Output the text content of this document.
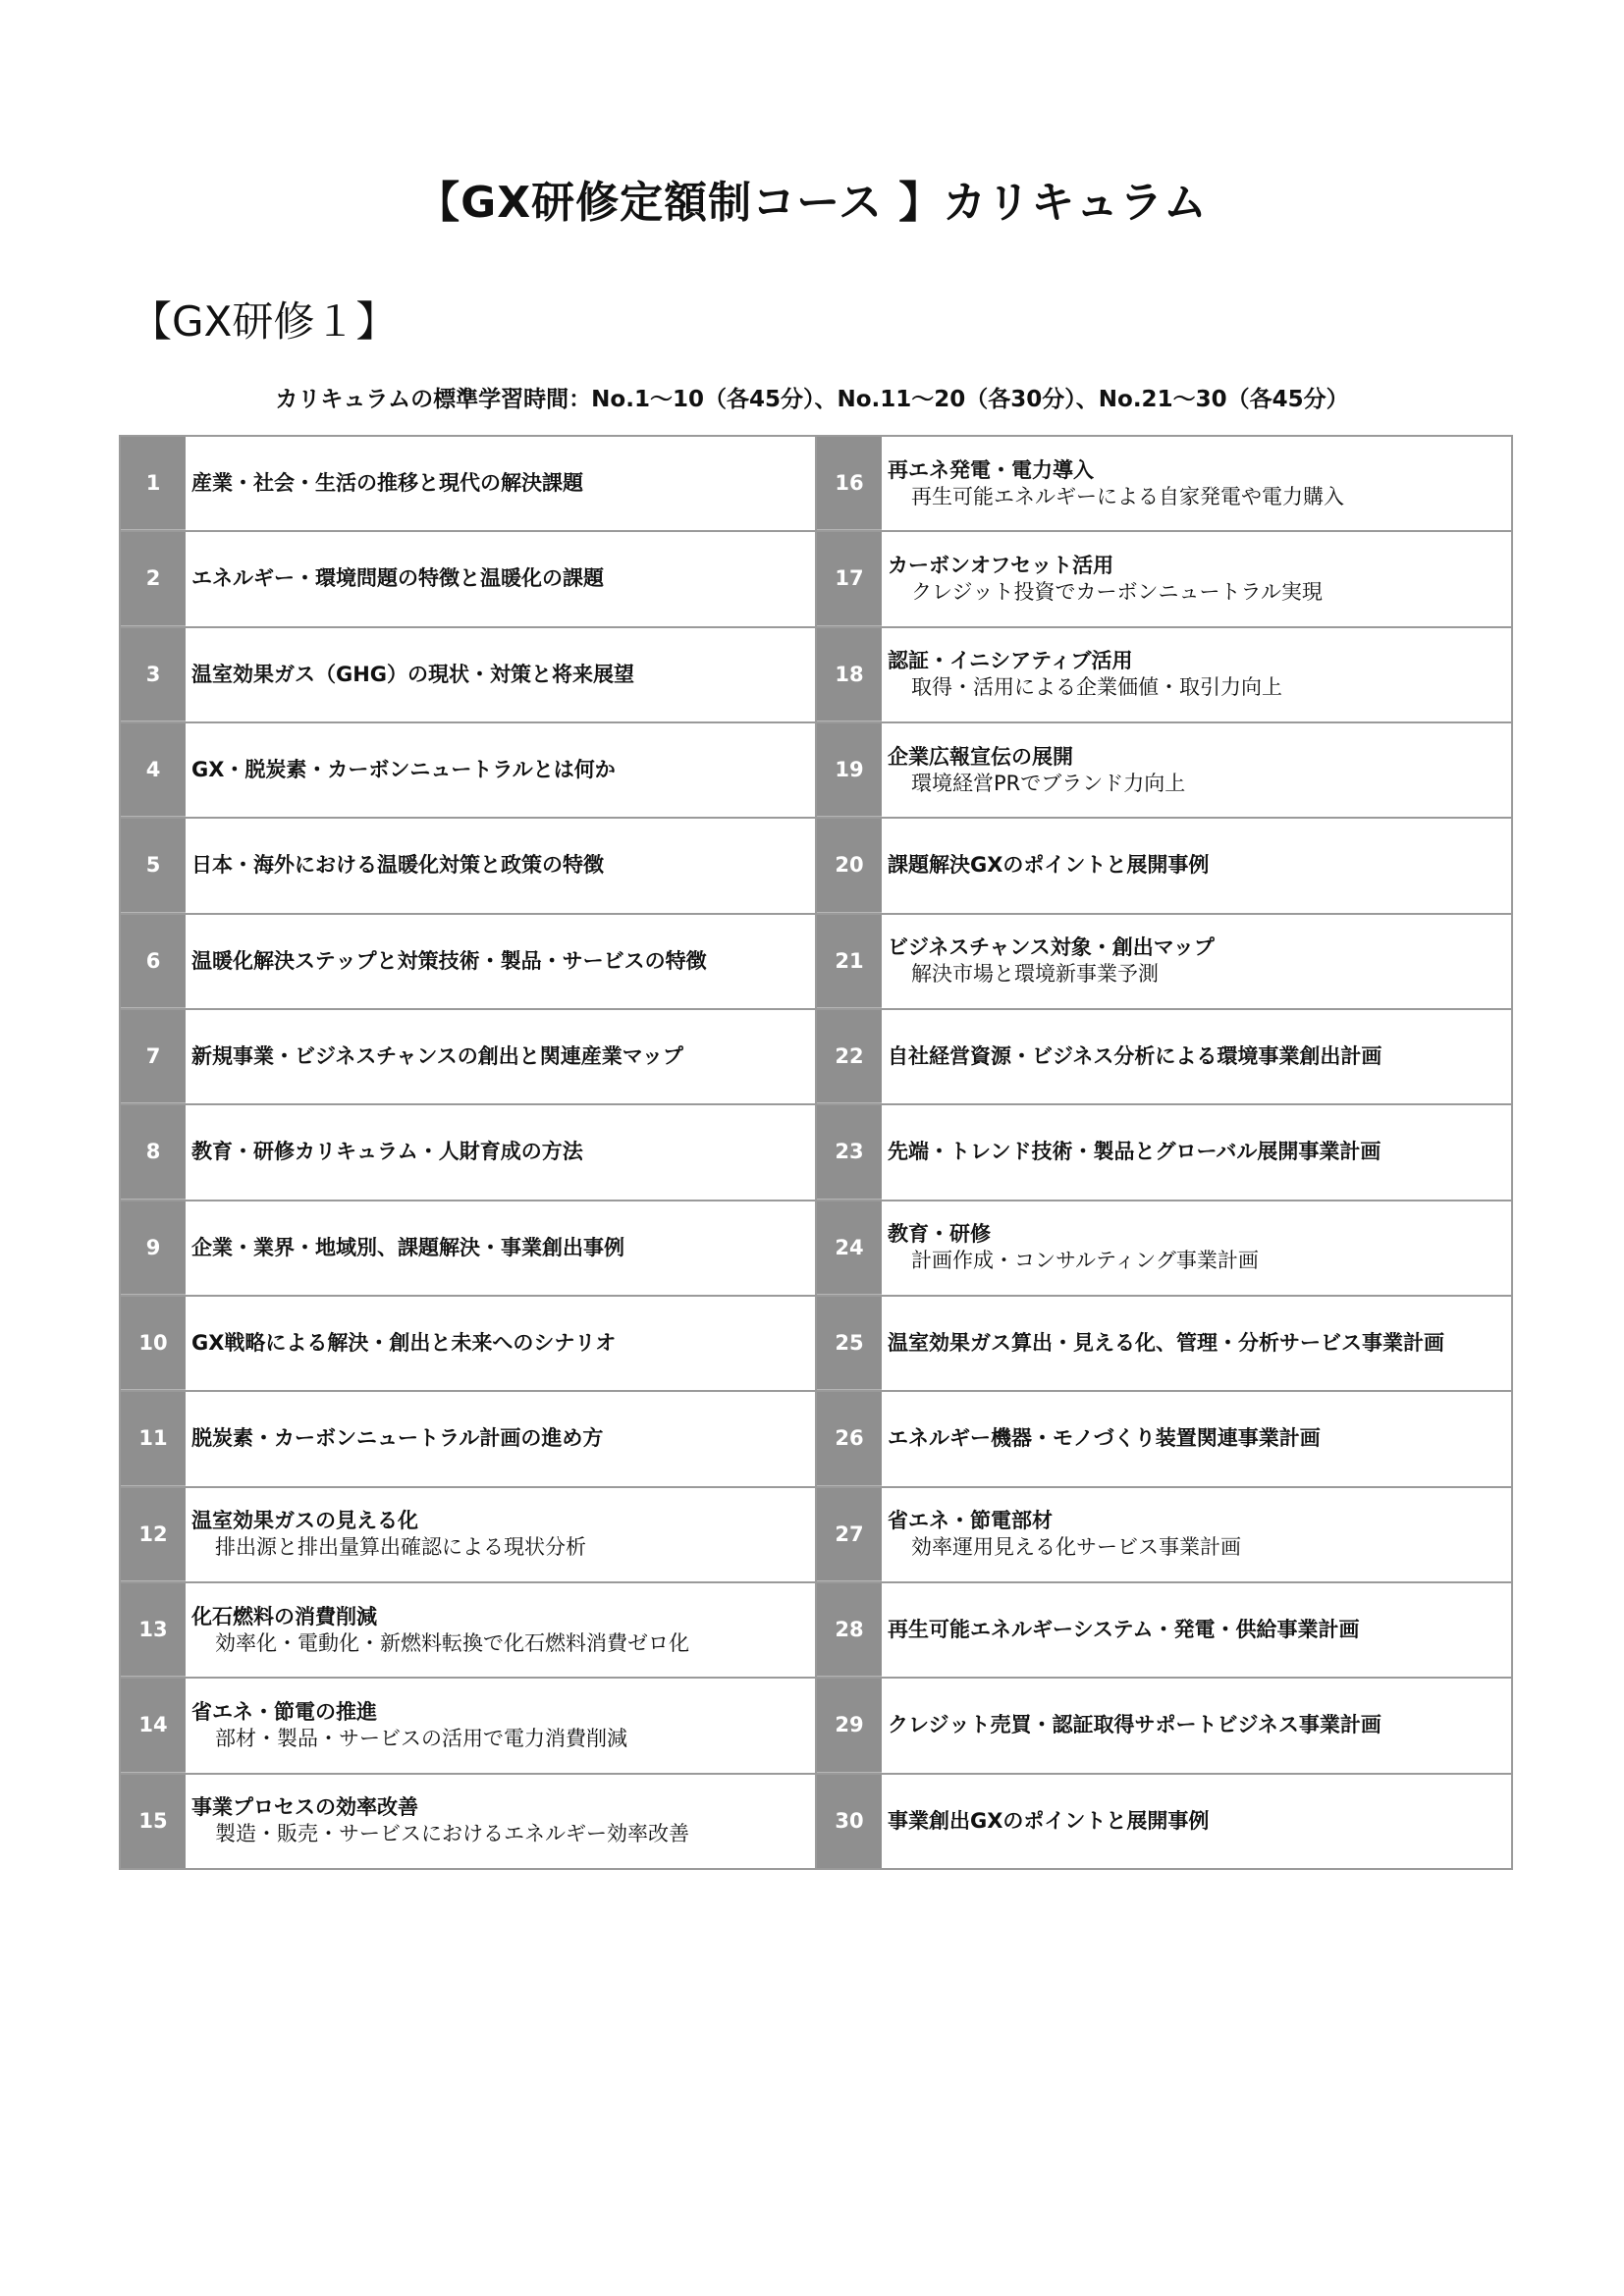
【GX研修定額制コース 】カリキュラム
【GX研修１】
カリキュラムの標準学習時間：No.1～10（各45分）、No.11～20（各30分）、No.21～30（各45分）
1	産業・社会・生活の推移と現代の解決課題
2	エネルギー・環境問題の特徴と温暖化の課題
3	温室効果ガス（GHG）の現状・対策と将来展望
4	GX・脱炭素・カーボンニュートラルとは何か
5	日本・海外における温暖化対策と政策の特徴
6	温暖化解決ステップと対策技術・製品・サービスの特徴
7	新規事業・ビジネスチャンスの創出と関連産業マップ
8	教育・研修カリキュラム・人財育成の方法
9	企業・業界・地域別、課題解決・事業創出事例
10	GX戦略による解決・創出と未来へのシナリオ
11	脱炭素・カーボンニュートラル計画の進め方
12
温室効果ガスの見える化
排出源と排出量算出確認による現状分析
13
化石燃料の消費削減
効率化・電動化・新燃料転換で化石燃料消費ゼロ化
14
省エネ・節電の推進
部材・製品・サービスの活用で電力消費削減
15
事業プロセスの効率改善
製造・販売・サービスにおけるエネルギー効率改善
16
再エネ発電・電力導入
再生可能エネルギーによる自家発電や電力購入
17
カーボンオフセット活用
クレジット投資でカーボンニュートラル実現
18
認証・イニシアティブ活用
取得・活用による企業価値・取引力向上
19
企業広報宣伝の展開
環境経営PRでブランド力向上
20	課題解決GXのポイントと展開事例
21
ビジネスチャンス対象・創出マップ
解決市場と環境新事業予測
22	自社経営資源・ビジネス分析による環境事業創出計画
23	先端・トレンド技術・製品とグローバル展開事業計画
24
教育・研修
計画作成・コンサルティング事業計画
25	温室効果ガス算出・見える化、管理・分析サービス事業計画
26	エネルギー機器・モノづくり装置関連事業計画
27
省エネ・節電部材
効率運用見える化サービス事業計画
28	再生可能エネルギーシステム・発電・供給事業計画
29	クレジット売買・認証取得サポートビジネス事業計画
30	事業創出GXのポイントと展開事例
